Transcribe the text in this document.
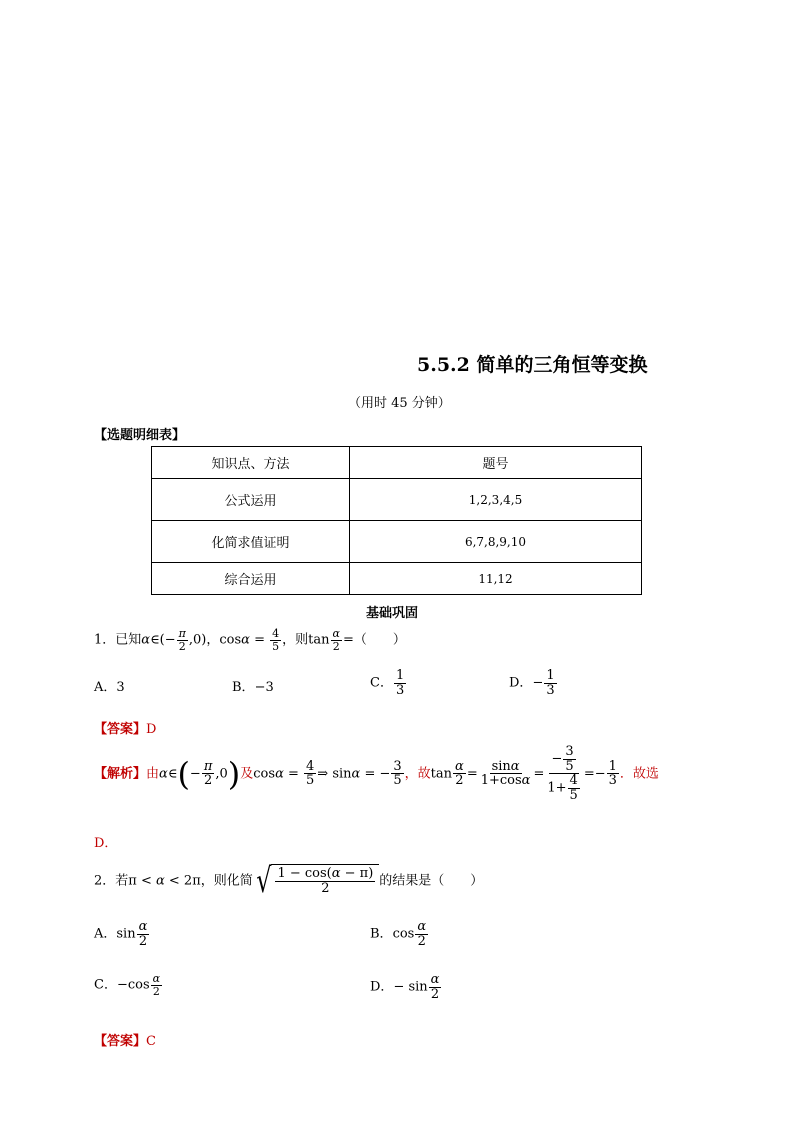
5.5.2 简单的三角恒等变换
（用时 45 分钟）
【选题明细表】
知识点、方法	题号
公式运用	1,2,3,4,5
化简求值证明	6,7,8,9,10
综合运用	11,12
基础巩固
1．已知α∈(− $\frac{\pi}{2} ,0$)，$\cos\alpha = \frac{4}{5}$ ，则$\tan \frac{\alpha}{2}$ =（　　）
A．3	B．−3	C． $\frac{1}{3}$	D．− $\frac{1}{3}$
【答案】D
【解析】由α∈(− $\frac{\pi}{2} ,0$)及$\cos\alpha = \frac{4}{5}$ ⇒ sinα = − $\frac{3}{5}$ ，故$\tan \frac{\alpha}{2} = \frac{\sin\alpha}{1+\cos\alpha} = \frac{- \frac{3}{5}}{1+ \frac{4}{5}} =- \frac{1}{3}$ ．故选
D．
2．若π < α < 2π，则化简 √ $\frac{1 - \cos(\alpha - \pi)}{2}$ 的结果是（　　）
A．$\sin \frac{\alpha}{2}$	B．$\cos \frac{\alpha}{2}$
C．$-\cos \frac{\alpha}{2}$	D．− $\sin \frac{\alpha}{2}$
【答案】C
